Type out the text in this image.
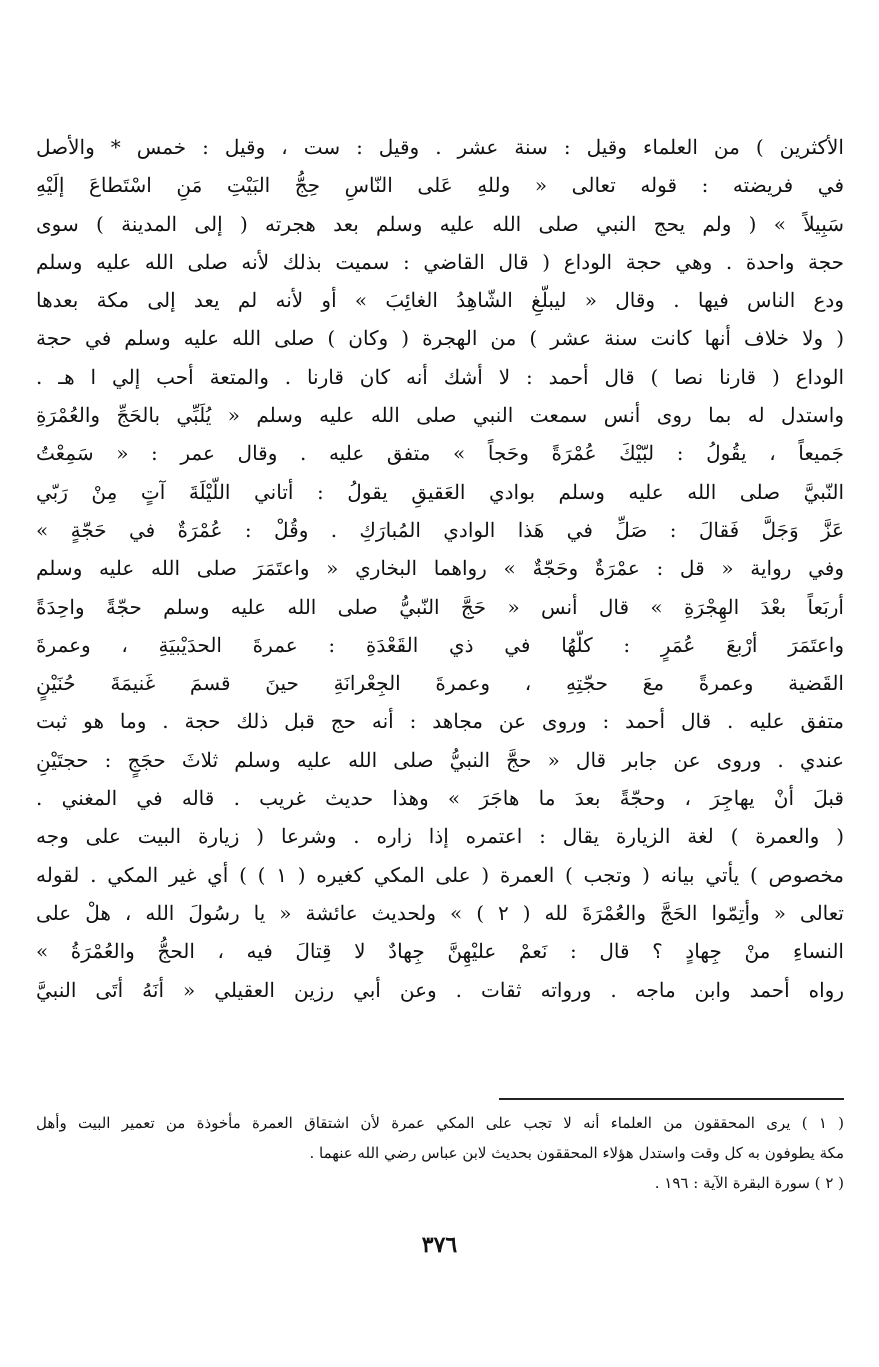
الأكثرين ) من العلماء وقيل : سنة عشر . وقيل : ست ، وقيل : خمس * والأصل
في فريضته : قوله تعالى « وللهِ عَلى النّاسِ حِجُّ البَيْتِ مَنِ اسْتَطاعَ إلَيْهِ
سَبِيلاً » ( ولم يحج النبي صلى الله عليه وسلم بعد هجرته ( إلى المدينة ) سوى
حجة واحدة . وهي حجة الوداع ( قال القاضي : سميت بذلك لأنه صلى الله عليه وسلم
ودع الناس فيها . وقال « ليبلّغِ الشّاهِدُ الغائِبَ » أو لأنه لم يعد إلى مكة بعدها
( ولا خلاف أنها كانت سنة عشر ) من الهجرة ( وكان ) صلى الله عليه وسلم في حجة
الوداع ( قارنا نصا ) قال أحمد : لا أشك أنه كان قارنا . والمتعة أحب إلي ا هـ .
واستدل له بما روى أنس سمعت النبي صلى الله عليه وسلم « يُلَبِّي بالحَجِّ والعُمْرَةِ
جَميعاً ، يقُولُ : لبّيْكَ عُمْرَةً وحَجاً » متفق عليه . وقال عمر : « سَمِعْتُ
النّبيَّ صلى الله عليه وسلم بوادي العَقيقِ يقولُ : أتاني اللّيْلَةَ آتٍ مِنْ رَبّي
عَزَّ وَجَلَّ فَقالَ : صَلِّ في هَذا الوادي المُبارَكِ . وقُلْ : عُمْرَةٌ في حَجّةٍ »
وفي رواية « قل : عمْرَةٌ وحَجّةٌ » رواهما البخاري « واعتَمَرَ صلى الله عليه وسلم
أربَعاً بعْدَ الهِجْرَةِ » قال أنس « حَجَّ النّبيُّ صلى الله عليه وسلم حجّةً واحِدَةً
واعتَمَرَ أرْبعَ عُمَرٍ : كلّهُا في ذي القَعْدَةِ : عمرةَ الحدَيْبيَةِ ، وعمرةَ
القَضية وعمرةً معَ حجّتِهِ ، وعمرةَ الجِعْرانَةِ حينَ قسمَ غَنيمَةَ حُنَيْنٍ
متفق عليه . قال أحمد : وروى عن مجاهد : أنه حج قبل ذلك حجة . وما هو ثبت
عندي . وروى عن جابر قال « حجَّ النبيُّ صلى الله عليه وسلم ثلاثَ حجَجٍ : حجتَيْنِ
قبلَ أنْ يهاجِرَ ، وحجّةً بعدَ ما هاجَرَ » وهذا حديث غريب . قاله في المغني .
( والعمرة ) لغة الزيارة يقال : اعتمره إذا زاره . وشرعا ( زيارة البيت على وجه
مخصوص ) يأتي بيانه ( وتجب ) العمرة ( على المكي كغيره ( ١ ) ) أي غير المكي . لقوله
تعالى « وأتِمّوا الحَجَّ والعُمْرَةَ لله ( ٢ ) » ولحديث عائشة « يا رسُولَ الله ، هلْ على
النساءِ منْ جِهادٍ ؟ قال : نَعمْ عليْهِنَّ جِهادٌ لا قِتالَ فيه ، الحجُّ والعُمْرَةُ »
رواه أحمد وابن ماجه . ورواته ثقات . وعن أبي رزين العقيلي « أنَهُ أتَى النبيَّ
( ١ ) يرى المحققون من العلماء أنه لا تجب على المكي عمرة لأن اشتقاق العمرة مأخوذة من تعمير البيت وأهل
مكة يطوفون به كل وقت واستدل هؤلاء المحققون بحديث لابن عباس رضي الله عنهما .
( ٢ ) سورة البقرة الآية : ١٩٦ .
٣٧٦
